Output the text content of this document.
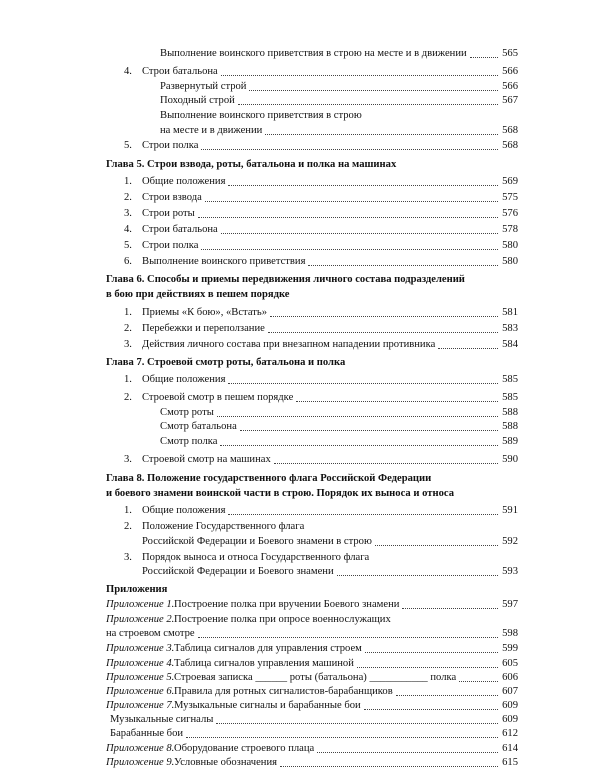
Выполнение воинского приветствия в строю на месте и в движении	565
4. Строи батальона	566
Развернутый строй	566
Походный строй	567
Выполнение воинского приветствия в строю
на месте и в движении	568
5. Строи полка	568
Глава 5. Строи взвода, роты, батальона и полка на машинах
1. Общие положения	569
2. Строи взвода	575
3. Строи роты	576
4. Строи батальона	578
5. Строи полка	580
6. Выполнение воинского приветствия	580
Глава 6. Способы и приемы передвижения личного состава подразделений
в бою при действиях в пешем порядке
1. Приемы «К бою», «Встать»	581
2. Перебежки и переползание	583
3. Действия личного состава при внезапном нападении противника	584
Глава 7. Строевой смотр роты, батальона и полка
1. Общие положения	585
2. Строевой смотр в пешем порядке	585
Смотр роты	588
Смотр батальона	588
Смотр полка	589
3. Строевой смотр на машинах	590
Глава 8. Положение государственного флага Российской Федерации
и боевого знамени воинской части в строю. Порядок их выноса и относа
1. Общие положения	591
2. Положение Государственного флага
Российской Федерации и Боевого знамени в строю	592
3. Порядок выноса и относа Государственного флага
Российской Федерации и Боевого знамени	593
Приложения
Приложение 1. Построение полка при вручении Боевого знамени	597
Приложение 2. Построение полка при опросе военнослужащих
на строевом смотре	598
Приложение 3. Таблица сигналов для управления строем	599
Приложение 4. Таблица сигналов управления машиной	605
Приложение 5. Строевая записка ______ роты (батальона) ___________ полка	606
Приложение 6. Правила для ротных сигналистов-барабанщиков	607
Приложение 7. Музыкальные сигналы и барабанные бои	609
Музыкальные сигналы	609
Барабанные бои	612
Приложение 8. Оборудование строевого плаца	614
Приложение 9. Условные обозначения	615
